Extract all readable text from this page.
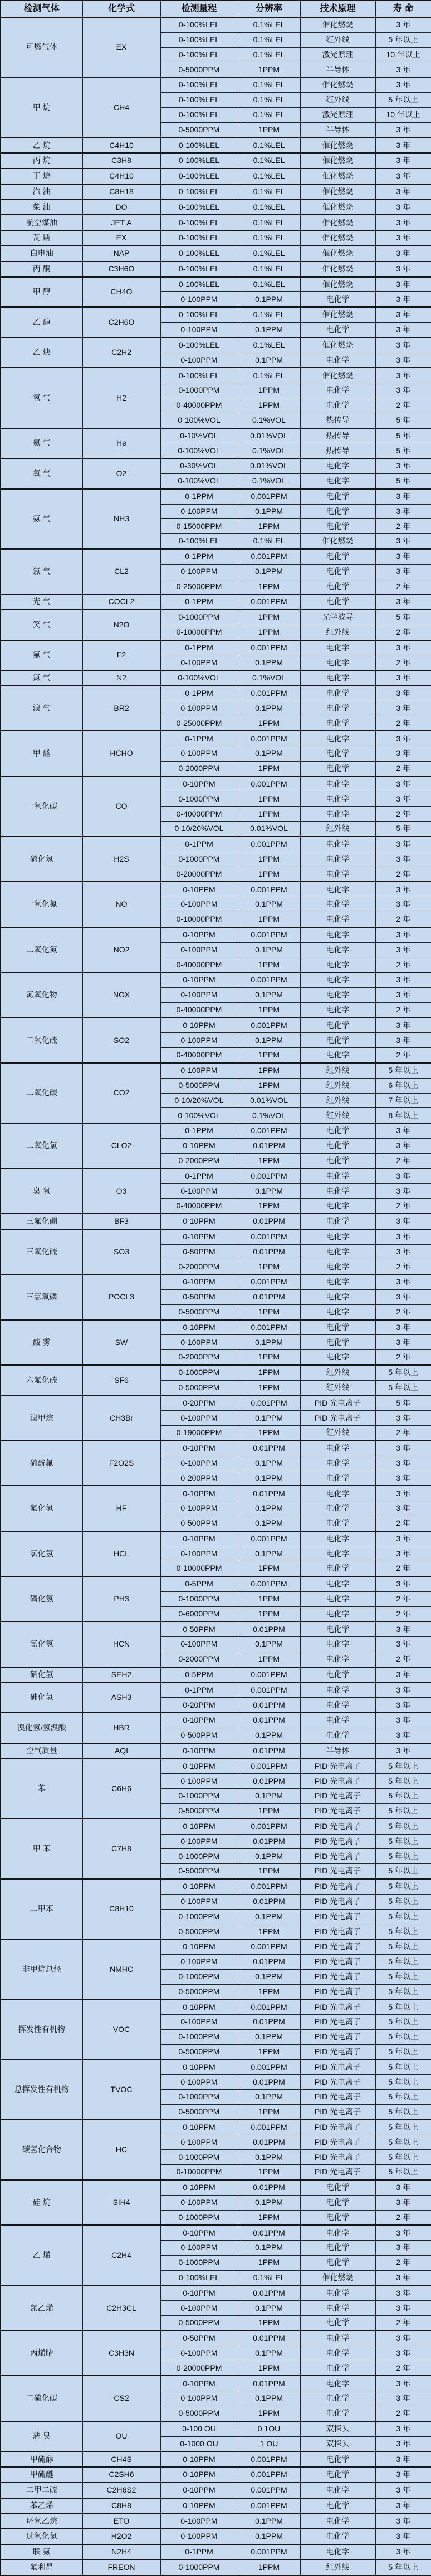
检测气体	化学式	检测量程	分辨率	技术原理	寿 命
可燃气体	EX	0-100%LEL	0.1%LEL	催化燃烧	3 年
		0-100%LEL	0.1%LEL	红外线	5 年以上
		0-100%LEL	0.1%LEL	激光原理	10 年以上
		0-5000PPM	1PPM	半导体	3 年
甲 烷	CH4	0-100%LEL	0.1%LEL	催化燃烧	3 年
		0-100%LEL	0.1%LEL	红外线	5 年以上
		0-100%LEL	0.1%LEL	激光原理	10 年以上
		0-5000PPM	1PPM	半导体	3 年
乙 烷	C4H10	0-100%LEL	0.1%LEL	催化燃烧	3 年
丙 烷	C3H8	0-100%LEL	0.1%LEL	催化燃烧	3 年
丁 烷	C4H10	0-100%LEL	0.1%LEL	催化燃烧	3 年
汽 油	C8H18	0-100%LEL	0.1%LEL	催化燃烧	3 年
柴 油	DO	0-100%LEL	0.1%LEL	催化燃烧	3 年
航空煤油	JET A	0-100%LEL	0.1%LEL	催化燃烧	3 年
瓦 斯	EX	0-100%LEL	0.1%LEL	催化燃烧	3 年
白电油	NAP	0-100%LEL	0.1%LEL	催化燃烧	3 年
丙 酮	C3H6O	0-100%LEL	0.1%LEL	催化燃烧	3 年
甲 醇	CH4O	0-100%LEL	0.1%LEL	催化燃烧	3 年
		0-100PPM	0.1PPM	电化学	3 年
乙 醇	C2H6O	0-100%LEL	0.1%LEL	催化燃烧	3 年
		0-100PPM	0.1PPM	电化学	3 年
乙 炔	C2H2	0-100%LEL	0.1%LEL	催化燃烧	3 年
		0-100PPM	0.1PPM	电化学	3 年
氢 气	H2	0-100%LEL	0.1%LEL	催化燃烧	3 年
		0-1000PPM	1PPM	电化学	3 年
		0-40000PPM	1PPM	电化学	2 年
		0-100%VOL	0.1%VOL	热传导	5 年
氦 气	He	0-10%VOL	0.01%VOL	热传导	5 年
		0-100%VOL	0.1%VOL	热传导	5 年
氧 气	O2	0-30%VOL	0.01%VOL	电化学	3 年
		0-100%VOL	0.1%VOL	电化学	5 年
氨 气	NH3	0-1PPM	0.001PPM	电化学	3 年
		0-100PPM	0.1PPM	电化学	3 年
		0-15000PPM	1PPM	电化学	2 年
		0-100%LEL	0.1%LEL	催化燃烧	3 年
氯 气	CL2	0-1PPM	0.001PPM	电化学	3 年
		0-100PPM	0.1PPM	电化学	3 年
		0-25000PPM	1PPM	电化学	2 年
光 气	COCL2	0-1PPM	0.001PPM	电化学	3 年
笑 气	N2O	0-1000PPM	1PPM	光学波导	5 年
		0-10000PPM	1PPM	红外线	2 年
氟 气	F2	0-1PPM	0.001PPM	电化学	3 年
		0-100PPM	0.1PPM	电化学	2 年
氮 气	N2	0-100%VOL	0.1%VOL	电化学	3 年
溴 气	BR2	0-1PPM	0.001PPM	电化学	3 年
		0-100PPM	0.1PPM	电化学	3 年
		0-25000PPM	1PPM	电化学	2 年
甲 醛	HCHO	0-1PPM	0.001PPM	电化学	3 年
		0-100PPM	0.1PPM	电化学	3 年
		0-2000PPM	1PPM	电化学	2 年
一氧化碳	CO	0-10PPM	0.001PPM	电化学	3 年
		0-1000PPM	1PPM	电化学	3 年
		0-40000PPM	1PPM	电化学	2 年
		0-10/20%VOL	0.01%VOL	红外线	5 年
硫化氢	H2S	0-1PPM	0.001PPM	电化学	3 年
		0-1000PPM	1PPM	电化学	3 年
		0-20000PPM	1PPM	电化学	2 年
一氧化氮	NO	0-10PPM	0.001PPM	电化学	3 年
		0-100PPM	0.1PPM	电化学	3 年
		0-10000PPM	1PPM	电化学	2 年
二氧化氮	NO2	0-10PPM	0.001PPM	电化学	3 年
		0-100PPM	0.1PPM	电化学	3 年
		0-40000PPM	1PPM	电化学	2 年
氮氧化物	NOX	0-10PPM	0.001PPM	电化学	3 年
		0-100PPM	0.1PPM	电化学	3 年
		0-40000PPM	1PPM	电化学	2 年
二氧化硫	SO2	0-10PPM	0.001PPM	电化学	3 年
		0-100PPM	0.1PPM	电化学	3 年
		0-40000PPM	1PPM	电化学	2 年
二氧化碳	CO2	0-100PPM	1PPM	红外线	5 年以上
		0-5000PPM	1PPM	红外线	6 年以上
		0-10/20%VOL	0.01%VOL	红外线	7 年以上
		0-100%VOL	0.1%VOL	红外线	8 年以上
二氧化氯	CLO2	0-1PPM	0.001PPM	电化学	3 年
		0-10PPM	0.01PPM	电化学	3 年
		0-2000PPM	1PPM	电化学	2 年
臭 氧	O3	0-1PPM	0.001PPM	电化学	3 年
		0-100PPM	0.1PPM	电化学	3 年
		0-40000PPM	1PPM	电化学	2 年
三氟化硼	BF3	0-10PPM	0.01PPM	电化学	3 年
三氧化硫	SO3	0-10PPM	0.001PPM	电化学	3 年
		0-50PPM	0.01PPM	电化学	3 年
		0-2000PPM	1PPM	电化学	2 年
三氯氧磷	POCL3	0-10PPM	0.001PPM	电化学	3 年
		0-50PPM	0.01PPM	电化学	3 年
		0-5000PPM	1PPM	电化学	2 年
酸 雾	SW	0-10PPM	0.001PPM	电化学	3 年
		0-100PPM	0.1PPM	电化学	3 年
		0-2000PPM	1PPM	电化学	2 年
六氟化硫	SF6	0-1000PPM	1PPM	红外线	5 年以上
		0-5000PPM	1PPM	红外线	5 年以上
溴甲烷	CH3Br	0-20PPM	0.001PPM	PID 光电离子	5 年
		0-100PPM	0.1PPM	PID 光电离子	3 年
		0-19000PPM	1PPM	红外线	2 年
硫酰氟	F2O2S	0-10PPM	0.01PPM	电化学	3 年
		0-100PPM	0.1PPM	电化学	3 年
		0-200PPM	0.1PPM	电化学	3 年
氟化氢	HF	0-10PPM	0.01PPM	电化学	3 年
		0-100PPM	0.1PPM	电化学	3 年
		0-500PPM	0.1PPM	电化学	2 年
氯化氢	HCL	0-10PPM	0.001PPM	电化学	3 年
		0-100PPM	0.1PPM	电化学	3 年
		0-10000PPM	1PPM	电化学	2 年
磷化氢	PH3	0-5PPM	0.001PPM	电化学	3 年
		0-1000PPM	1PPM	电化学	2 年
		0-6000PPM	1PPM	电化学	2 年
氰化氢	HCN	0-50PPM	0.01PPM	电化学	3 年
		0-100PPM	0.1PPM	电化学	3 年
		0-2000PPM	1PPM	电化学	2 年
硒化氢	SEH2	0-5PPM	0.001PPM	电化学	3 年
砷化氢	ASH3	0-1PPM	0.001PPM	电化学	3 年
		0-20PPM	0.01PPM	电化学	3 年
溴化氢/氢溴酸	HBR	0-10PPM	0.01PPM	电化学	3 年
		0-500PPM	0.1PPM	电化学	3 年
空气质量	AQI	0-10PPM	0.01PPM	半导体	3 年
苯	C6H6	0-10PPM	0.001PPM	PID 光电离子	5 年以上
		0-100PPM	0.01PPM	PID 光电离子	5 年以上
		0-1000PPM	0.1PPM	PID 光电离子	5 年以上
		0-5000PPM	1PPM	PID 光电离子	5 年以上
甲 苯	C7H8	0-10PPM	0.001PPM	PID 光电离子	5 年以上
		0-100PPM	0.01PPM	PID 光电离子	5 年以上
		0-1000PPM	0.1PPM	PID 光电离子	5 年以上
		0-5000PPM	1PPM	PID 光电离子	5 年以上
二甲苯	C8H10	0-10PPM	0.001PPM	PID 光电离子	5 年以上
		0-100PPM	0.01PPM	PID 光电离子	5 年以上
		0-1000PPM	0.1PPM	PID 光电离子	5 年以上
		0-5000PPM	1PPM	PID 光电离子	5 年以上
非甲烷总烃	NMHC	0-10PPM	0.001PPM	PID 光电离子	5 年以上
		0-100PPM	0.01PPM	PID 光电离子	5 年以上
		0-1000PPM	0.1PPM	PID 光电离子	5 年以上
		0-5000PPM	1PPM	PID 光电离子	5 年以上
挥发性有机物	VOC	0-10PPM	0.001PPM	PID 光电离子	5 年以上
		0-100PPM	0.01PPM	PID 光电离子	5 年以上
		0-1000PPM	0.1PPM	PID 光电离子	5 年以上
		0-5000PPM	1PPM	PID 光电离子	5 年以上
总挥发性有机物	TVOC	0-10PPM	0.001PPM	PID 光电离子	5 年以上
		0-100PPM	0.01PPM	PID 光电离子	5 年以上
		0-1000PPM	0.1PPM	PID 光电离子	5 年以上
		0-5000PPM	1PPM	PID 光电离子	5 年以上
碳氢化合物	HC	0-10PPM	0.001PPM	PID 光电离子	5 年以上
		0-100PPM	0.01PPM	PID 光电离子	5 年以上
		0-1000PPM	0.1PPM	PID 光电离子	5 年以上
		0-10000PPM	1PPM	PID 光电离子	5 年以上
硅 烷	SIH4	0-10PPM	0.01PPM	电化学	3 年
		0-100PPM	0.1PPM	电化学	3 年
		0-1000PPM	1PPM	电化学	2 年
乙 烯	C2H4	0-10PPM	0.01PPM	电化学	3 年
		0-100PPM	0.1PPM	电化学	3 年
		0-1000PPM	1PPM	电化学	2 年
		0-100%LEL	0.1%LEL	催化燃烧	3 年
氯乙烯	C2H3CL	0-10PPM	0.01PPM	电化学	3 年
		0-100PPM	0.1PPM	电化学	3 年
		0-5000PPM	1PPM	电化学	2 年
丙烯腈	C3H3N	0-50PPM	0.01PPM	电化学	3 年
		0-100PPM	0.1PPM	电化学	3 年
		0-20000PPM	1PPM	电化学	2 年
二硫化碳	CS2	0-10PPM	0.01PPM	电化学	3 年
		0-100PPM	0.1PPM	电化学	3 年
		0-5000PPM	1PPM	电化学	2 年
恶 臭	OU	0-100 OU	0.1OU	双探头	3 年
		0-1000 OU	1 OU	双探头	3 年
甲硫醇	CH4S	0-10PPM	0.001PPM	电化学	3 年
甲硫醚	C2SH6	0-10PPM	0.001PPM	电化学	3 年
二甲二硫	C2H6S2	0-10PPM	0.001PPM	电化学	3 年
苯乙烯	C8H8	0-10PPM	0.001PPM	电化学	3 年
环氧乙烷	ETO	0-100PPM	0.1PPM	电化学	3 年
过氧化氢	H2O2	0-100PPM	0.1PPM	电化学	3 年
联 氨	N2H4	0-1PPM	0.001PPM	电化学	3 年
氟利昂	FREON	0-1000PPM	1PPM	红外线	5 年以上
